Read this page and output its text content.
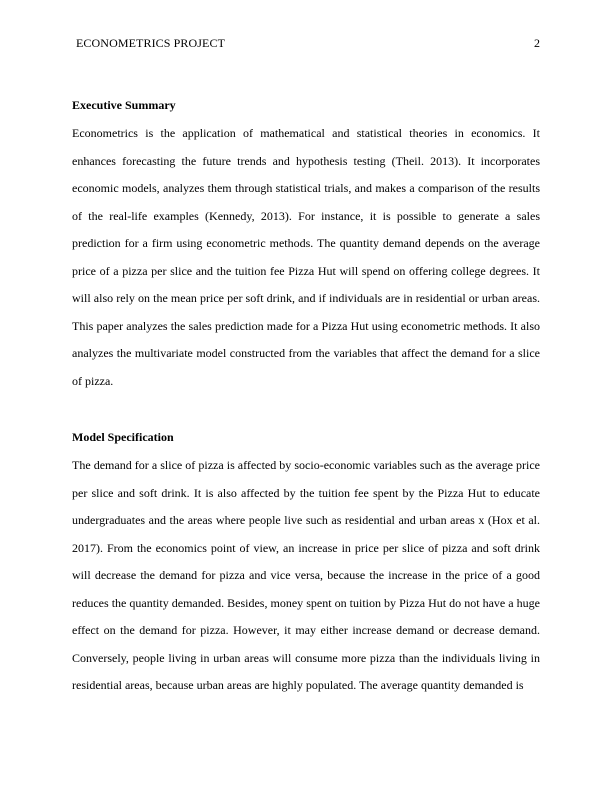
ECONOMETRICS PROJECT	2
Executive Summary

Econometrics is the application of mathematical and statistical theories in economics. It enhances forecasting the future trends and hypothesis testing (Theil. 2013). It incorporates economic models, analyzes them through statistical trials, and makes a comparison of the results of the real-life examples (Kennedy, 2013). For instance, it is possible to generate a sales prediction for a firm using econometric methods. The quantity demand depends on the average price of a pizza per slice and the tuition fee Pizza Hut will spend on offering college degrees. It will also rely on the mean price per soft drink, and if individuals are in residential or urban areas. This paper analyzes the sales prediction made for a Pizza Hut using econometric methods. It also analyzes the multivariate model constructed from the variables that affect the demand for a slice of pizza.

Model Specification

The demand for a slice of pizza is affected by socio-economic variables such as the average price per slice and soft drink. It is also affected by the tuition fee spent by the Pizza Hut to educate undergraduates and the areas where people live such as residential and urban areas x (Hox et al. 2017). From the economics point of view, an increase in price per slice of pizza and soft drink will decrease the demand for pizza and vice versa, because the increase in the price of a good reduces the quantity demanded. Besides, money spent on tuition by Pizza Hut do not have a huge effect on the demand for pizza. However, it may either increase demand or decrease demand. Conversely, people living in urban areas will consume more pizza than the individuals living in residential areas, because urban areas are highly populated. The average quantity demanded is
